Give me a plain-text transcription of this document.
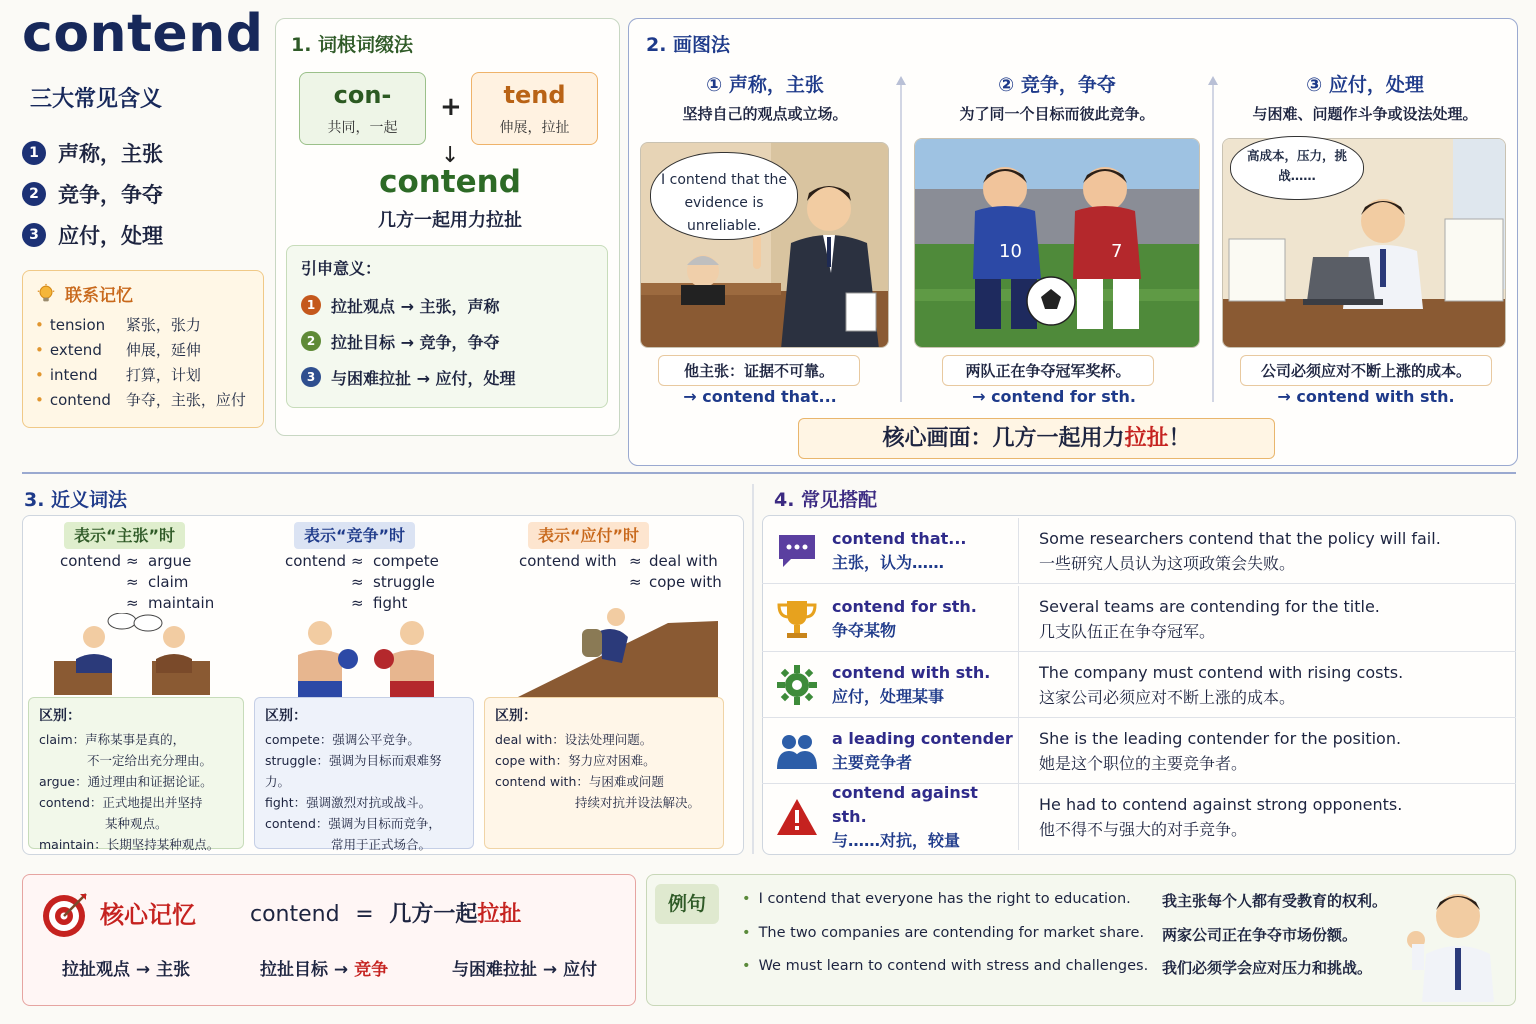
contend
三大常见含义
1 声称，主张
2 竞争，争夺
3 应付，处理
联系记忆
• tension	紧张，张力
• extend	伸展，延伸
• intend	打算，计划
• contend 争夺，主张，应付
1. 词根词缀法
con-
共同，一起
+	tend
伸展，拉扯
↓
contend
几方一起用力拉扯
引申意义：
1 拉扯观点 → 主张，声称
2 拉扯目标 → 竞争，争夺
3 与困难拉扯 → 应付，处理
2. 画图法
① 声称，主张
坚持自己的观点或立场。
I contend that the evidence is unreliable.
他主张：证据不可靠。
→ contend that...
② 竞争，争夺
为了同一个目标而彼此竞争。
10	7
两队正在争夺冠军奖杯。
→ contend for sth.
③ 应付，处理
与困难、问题作斗争或设法处理。
高成本，压力，挑战……
公司必须应对不断上涨的成本。
→ contend with sth.
核心画面：几方一起用力拉扯！
3. 近义词法
表示“主张”时
contend ≈ argue
≈ claim
≈ maintain
区别：
claim：声称某事是真的，
不一定给出充分理由。
argue：通过理由和证据论证。
contend：正式地提出并坚持
某种观点。
maintain：长期坚持某种观点。
表示“竞争”时
contend ≈ compete
≈ struggle
≈ fight
区别：
compete：强调公平竞争。
struggle：强调为目标而艰难努力。
fight：强调激烈对抗或战斗。
contend：强调为目标而竞争，
常用于正式场合。
表示“应付”时
contend with ≈ deal with
≈ cope with
区别：
deal with：设法处理问题。
cope with：努力应对困难。
contend with：与困难或问题
持续对抗并设法解决。
4. 常见搭配
contend that...
主张，认为……
Some researchers contend that the policy will fail.
一些研究人员认为这项政策会失败。
contend for sth.
争夺某物
Several teams are contending for the title.
几支队伍正在争夺冠军。
contend with sth.
应付，处理某事
The company must contend with rising costs.
这家公司必须应对不断上涨的成本。
a leading contender
主要竞争者
She is the leading contender for the position.
她是这个职位的主要竞争者。
contend against sth.
与……对抗，较量
He had to contend against strong opponents.
他不得不与强大的对手竞争。
核心记忆 contend = 几方一起拉扯
拉扯观点 → 主张	拉扯目标 → 竞争	与困难拉扯 → 应付
例句	• I contend that everyone has the right to education.
• The two companies are contending for market share.
• We must learn to contend with stress and challenges.
我主张每个人都有受教育的权利。
两家公司正在争夺市场份额。
我们必须学会应对压力和挑战。
